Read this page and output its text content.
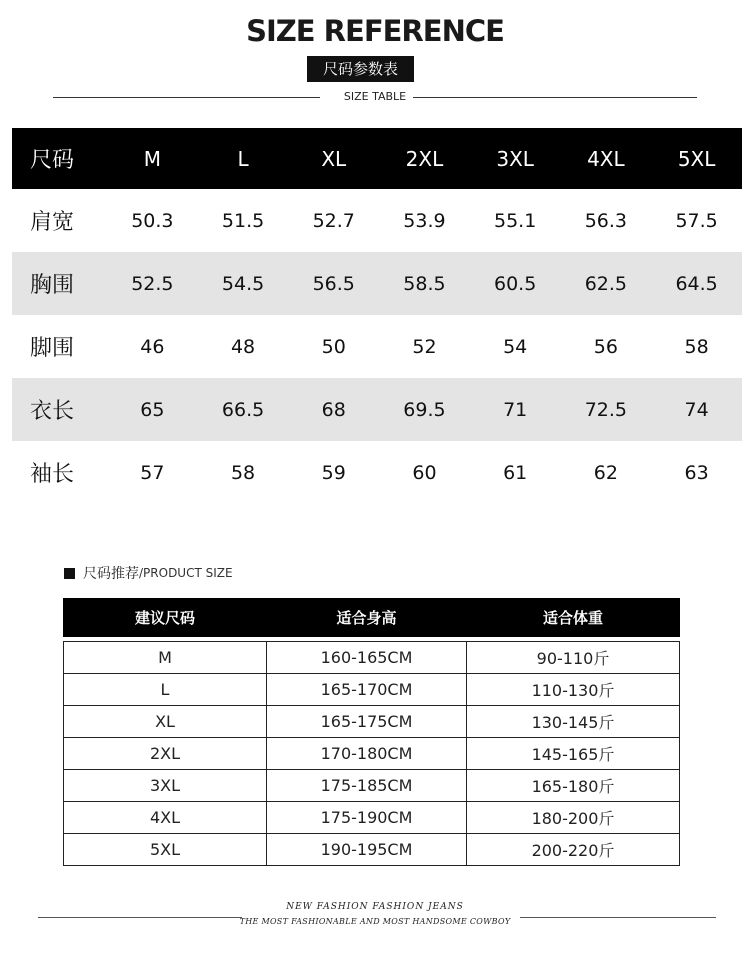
SIZE REFERENCE
尺码参数表
SIZE TABLE
尺码	M	L	XL	2XL	3XL	4XL	5XL
肩宽	50.3	51.5	52.7	53.9	55.1	56.3	57.5
胸围	52.5	54.5	56.5	58.5	60.5	62.5	64.5
脚围	46	48	50	52	54	56	58
衣长	65	66.5	68	69.5	71	72.5	74
袖长	57	58	59	60	61	62	63
尺码推荐 /PRODUCT SIZE
建议尺码	适合身高	适合体重

M	160-165CM	90-110斤
L	165-170CM	110-130斤
XL	165-175CM	130-145斤
2XL	170-180CM	145-165斤
3XL	175-185CM	165-180斤
4XL	175-190CM	180-200斤
5XL	190-195CM	200-220斤
NEW FASHION FASHION JEANS
THE MOST FASHIONABLE AND MOST HANDSOME COWBOY
